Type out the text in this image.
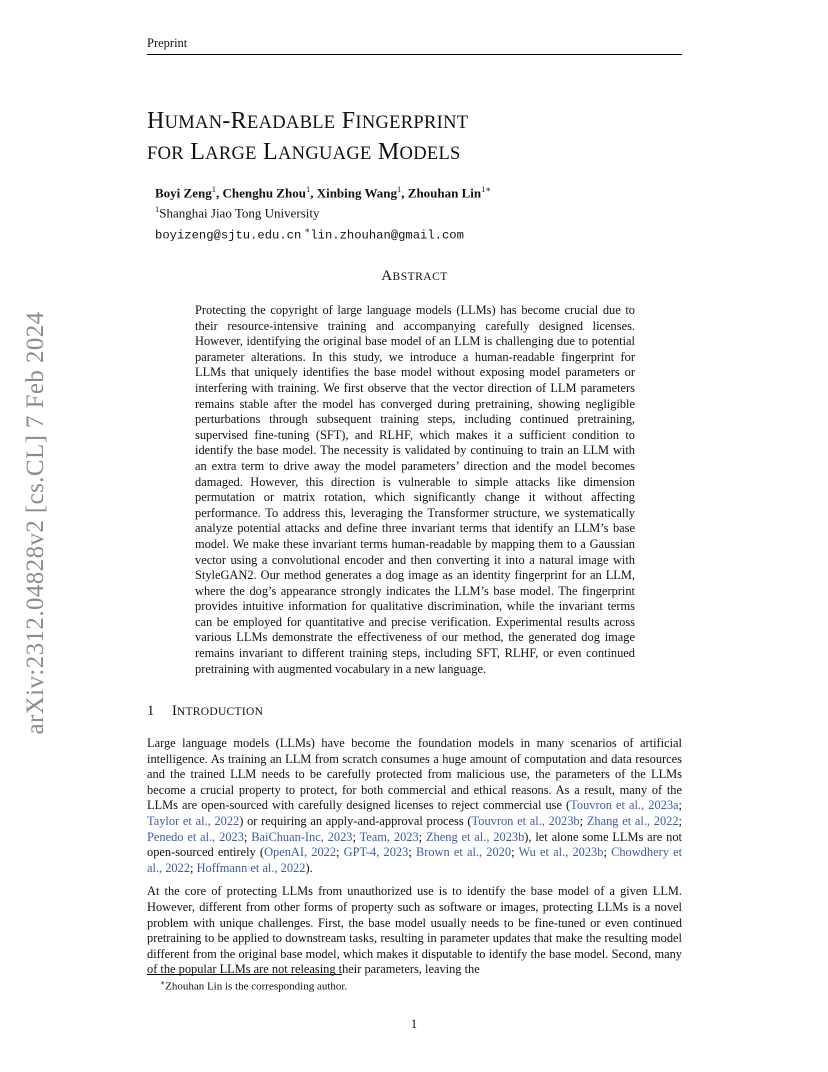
Preprint
arXiv:2312.04828v2 [cs.CL] 7 Feb 2024
HUMAN-READABLE FINGERPRINT
FOR LARGE LANGUAGE MODELS
Boyi Zeng$^1$, Chenghu Zhou$^1$, Xinbing Wang$^1$, Zhouhan Lin$^{1∗}$
$^1$Shanghai Jiao Tong University
boyizeng@sjtu.edu.cn ∗lin.zhouhan@gmail.com
ABSTRACT
Protecting the copyright of large language models (LLMs) has become crucial due to their resource-intensive training and accompanying carefully designed licenses. However, identifying the original base model of an LLM is challenging due to potential parameter alterations. In this study, we introduce a human-readable fingerprint for LLMs that uniquely identifies the base model without exposing model parameters or interfering with training. We first observe that the vector direction of LLM parameters remains stable after the model has converged during pretraining, showing negligible perturbations through subsequent training steps, including continued pretraining, supervised fine-tuning (SFT), and RLHF, which makes it a sufficient condition to identify the base model. The necessity is validated by continuing to train an LLM with an extra term to drive away the model parameters’ direction and the model becomes damaged. However, this direction is vulnerable to simple attacks like dimension permutation or matrix rotation, which significantly change it without affecting performance. To address this, leveraging the Transformer structure, we systematically analyze potential attacks and define three invariant terms that identify an LLM’s base model. We make these invariant terms human-readable by mapping them to a Gaussian vector using a convolutional encoder and then converting it into a natural image with StyleGAN2. Our method generates a dog image as an identity fingerprint for an LLM, where the dog’s appearance strongly indicates the LLM’s base model. The fingerprint provides intuitive information for qualitative discrimination, while the invariant terms can be employed for quantitative and precise verification. Experimental results across various LLMs demonstrate the effectiveness of our method, the generated dog image remains invariant to different training steps, including SFT, RLHF, or even continued pretraining with augmented vocabulary in a new language.
1 INTRODUCTION

Large language models (LLMs) have become the foundation models in many scenarios of artificial intelligence. As training an LLM from scratch consumes a huge amount of computation and data resources and the trained LLM needs to be carefully protected from malicious use, the parameters of the LLMs become a crucial property to protect, for both commercial and ethical reasons. As a result, many of the LLMs are open-sourced with carefully designed licenses to reject commercial use (Touvron et al., 2023a; Taylor et al., 2022) or requiring an apply-and-approval process (Touvron et al., 2023b; Zhang et al., 2022; Penedo et al., 2023; BaiChuan-Inc, 2023; Team, 2023; Zheng et al., 2023b), let alone some LLMs are not open-sourced entirely (OpenAI, 2022; GPT-4, 2023; Brown et al., 2020; Wu et al., 2023b; Chowdhery et al., 2022; Hoffmann et al., 2022).

At the core of protecting LLMs from unauthorized use is to identify the base model of a given LLM. However, different from other forms of property such as software or images, protecting LLMs is a novel problem with unique challenges. First, the base model usually needs to be fine-tuned or even continued pretraining to be applied to downstream tasks, resulting in parameter updates that make the resulting model different from the original base model, which makes it disputable to identify the base model. Second, many of the popular LLMs are not releasing their parameters, leaving the

∗Zhouhan Lin is the corresponding author.
1
